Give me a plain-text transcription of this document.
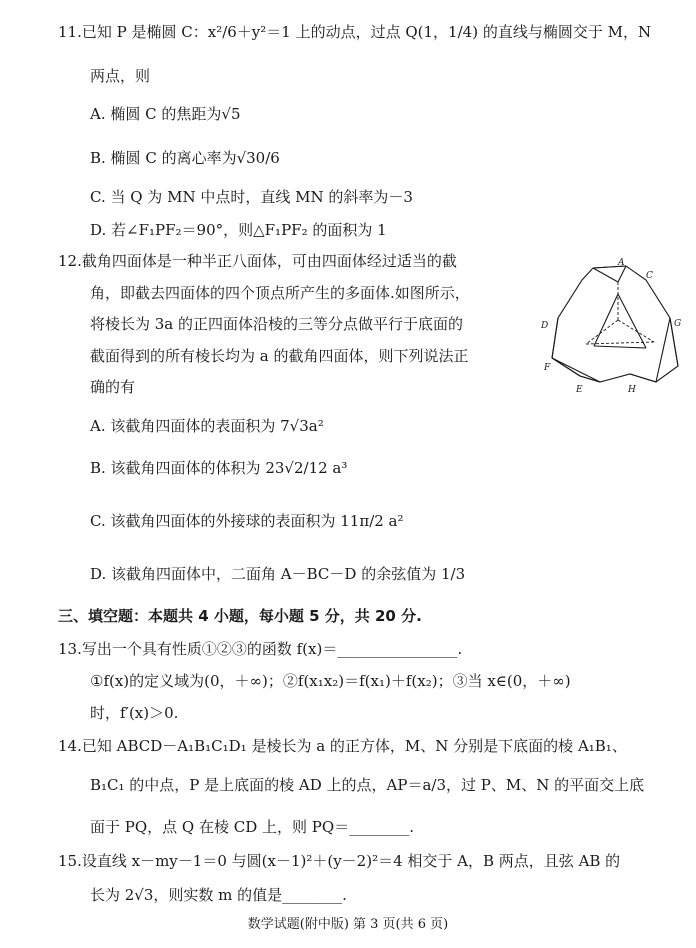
11.已知 P 是椭圆 C：x²/6＋y²＝1 上的动点，过点 Q(1，1/4) 的直线与椭圆交于 M，N
两点，则
A. 椭圆 C 的焦距为√5
B. 椭圆 C 的离心率为√30/6
C. 当 Q 为 MN 中点时，直线 MN 的斜率为－3
D. 若∠F₁PF₂＝90°，则△F₁PF₂ 的面积为 1
12.截角四面体是一种半正八面体，可由四面体经过适当的截
角，即截去四面体的四个顶点所产生的多面体.如图所示，
将棱长为 3a 的正四面体沿棱的三等分点做平行于底面的
截面得到的所有棱长均为 a 的截角四面体，则下列说法正
确的有
A
C
D	G
F
E	H
A. 该截角四面体的表面积为 7√3a²
B. 该截角四面体的体积为 23√2/12 a³
C. 该截角四面体的外接球的表面积为 11π/2 a²
D. 该截角四面体中，二面角 A－BC－D 的余弦值为 1/3
三、填空题：本题共 4 小题，每小题 5 分，共 20 分.
13.写出一个具有性质①②③的函数 f(x)＝________________.
①f(x)的定义域为(0，＋∞)；②f(x₁x₂)＝f(x₁)＋f(x₂)；③当 x∈(0，＋∞)
时，f′(x)＞0.
14.已知 ABCD－A₁B₁C₁D₁ 是棱长为 a 的正方体，M、N 分别是下底面的棱 A₁B₁、
B₁C₁ 的中点，P 是上底面的棱 AD 上的点，AP＝a/3，过 P、M、N 的平面交上底
面于 PQ，点 Q 在棱 CD 上，则 PQ＝________.
15.设直线 x－my－1＝0 与圆(x－1)²＋(y－2)²＝4 相交于 A，B 两点，且弦 AB 的
长为 2√3，则实数 m 的值是________.
数学试题(附中版) 第 3 页(共 6 页)
